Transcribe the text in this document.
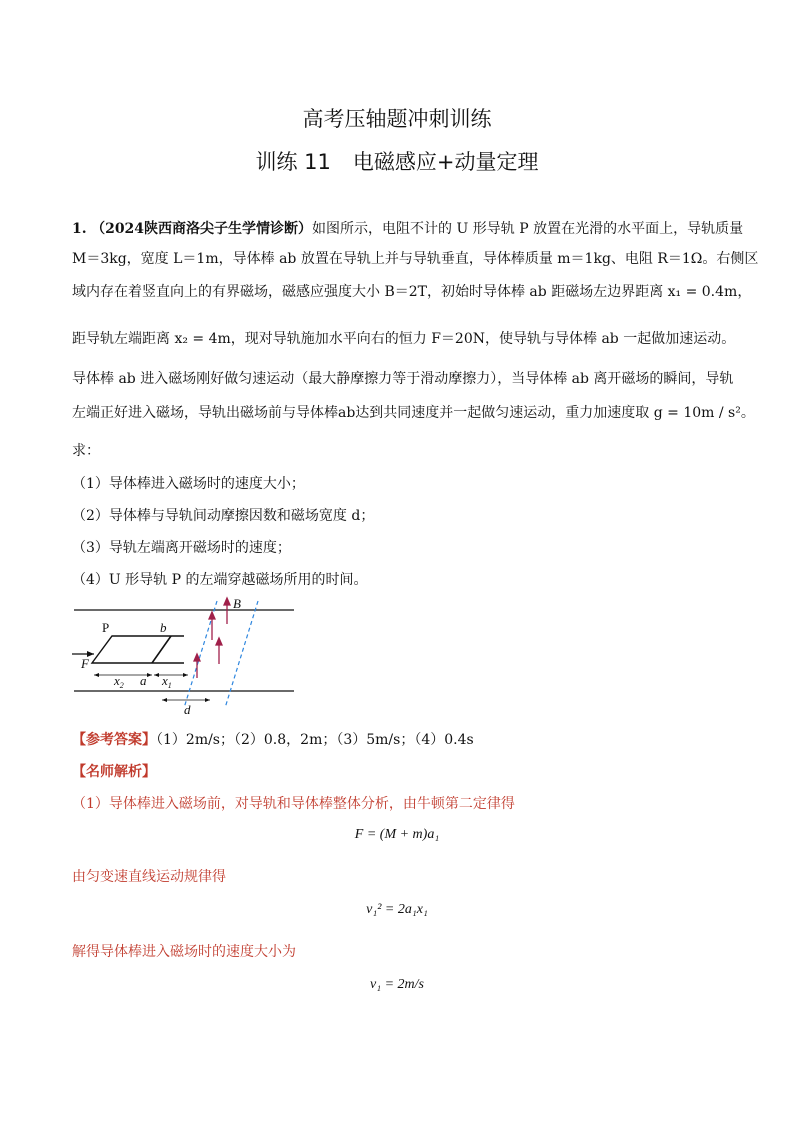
高考压轴题冲刺训练
训练 11 电磁感应+动量定理
1. （2024陕西商洛尖子生学情诊断）如图所示，电阻不计的 U 形导轨 P 放置在光滑的水平面上，导轨质量
M＝3kg，宽度 L＝1m，导体棒 ab 放置在导轨上并与导轨垂直，导体棒质量 m＝1kg、电阻 R＝1Ω。右侧区
域内存在着竖直向上的有界磁场，磁感应强度大小 B＝2T，初始时导体棒 ab 距磁场左边界距离 x₁ = 0.4m，
距导轨左端距离 x₂ = 4m，现对导轨施加水平向右的恒力 F＝20N，使导轨与导体棒 ab 一起做加速运动。
导体棒 ab 进入磁场刚好做匀速运动（最大静摩擦力等于滑动摩擦力），当导体棒 ab 离开磁场的瞬间，导轨
左端正好进入磁场，导轨出磁场前与导体棒ab达到共同速度并一起做匀速运动，重力加速度取 g = 10m / s²。
求：
（1）导体棒进入磁场时的速度大小；
（2）导体棒与导轨间动摩擦因数和磁场宽度 d；
（3）导轨左端离开磁场时的速度；
（4）U 形导轨 P 的左端穿越磁场所用的时间。
P	b
B
F
a
$x_2$	$x_1$
d
【参考答案】（1）2m/s；（2）0.8，2m；（3）5m/s；（4）0.4s
【名师解析】
（1）导体棒进入磁场前，对导轨和导体棒整体分析，由牛顿第二定律得
F = (M + m)a₁
由匀变速直线运动规律得
v₁² = 2a₁x₁
解得导体棒进入磁场时的速度大小为
v₁ = 2m/s
